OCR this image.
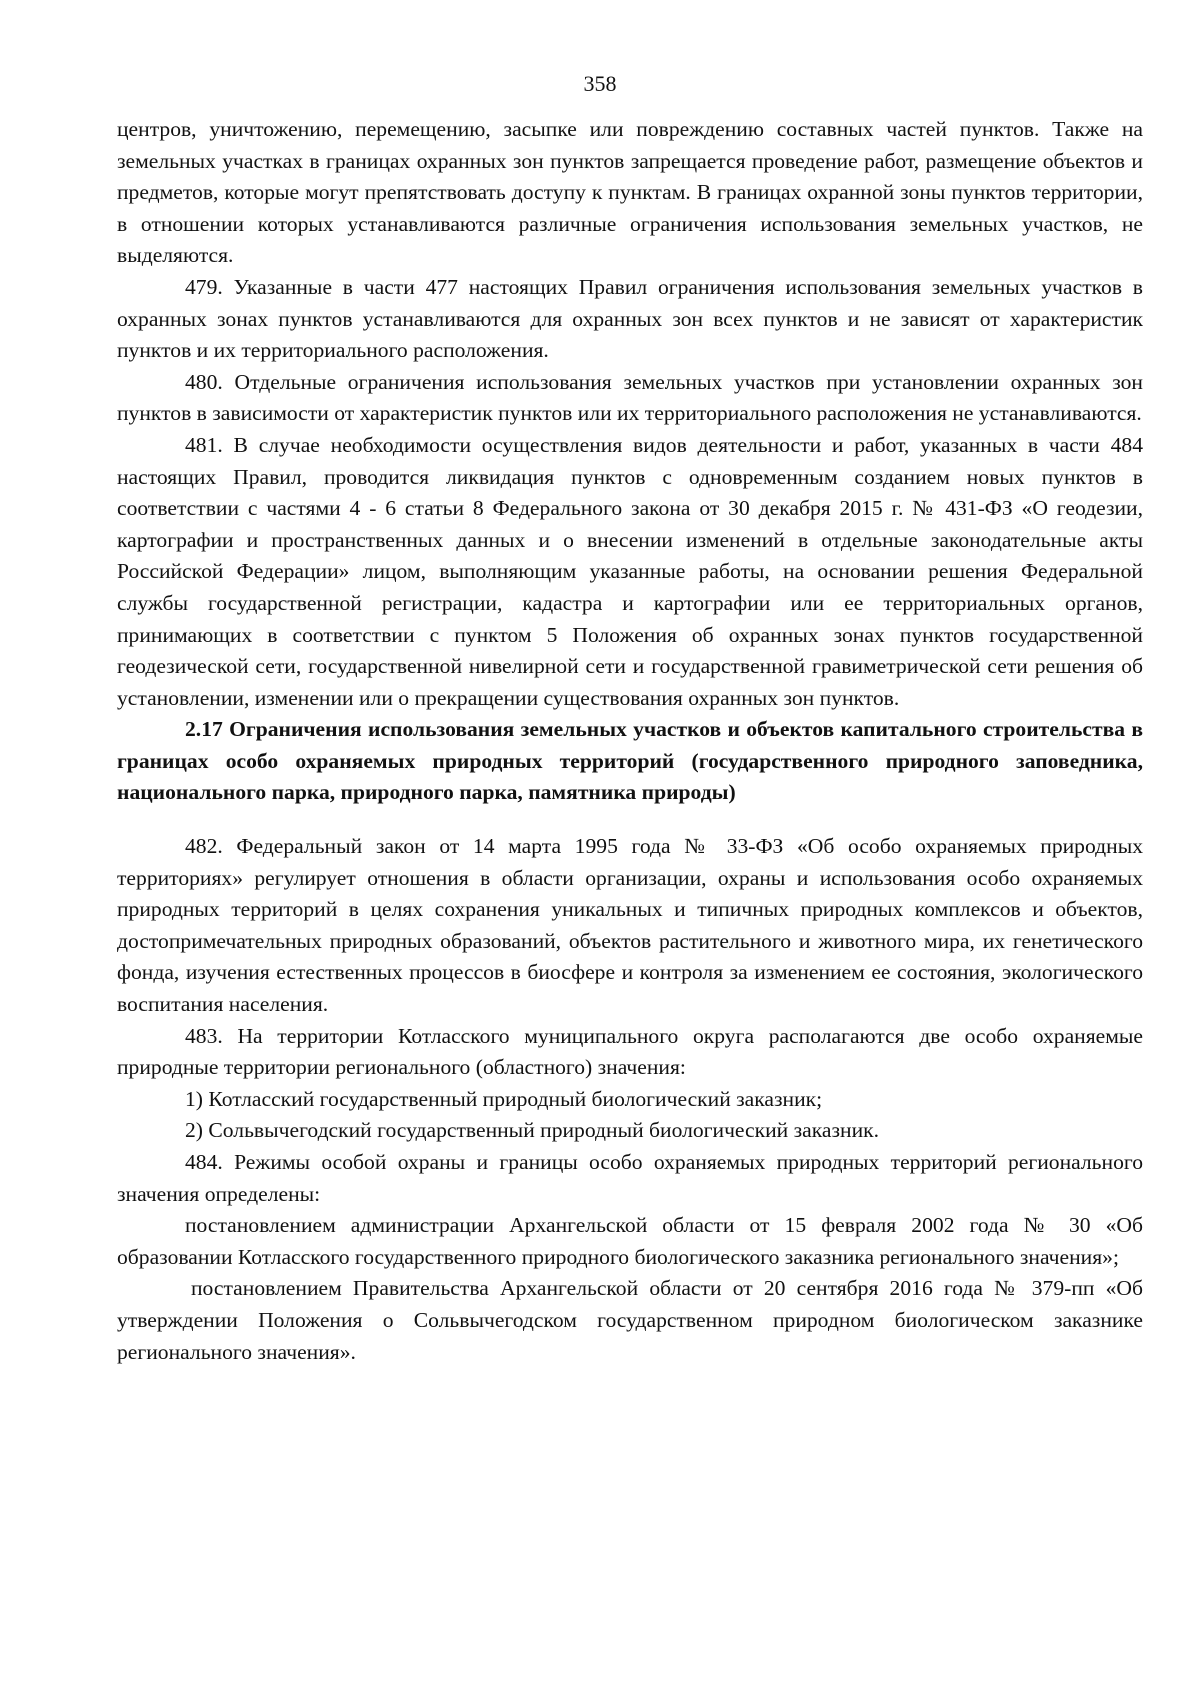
358

центров, уничтожению, перемещению, засыпке или повреждению составных частей пунктов. Также на земельных участках в границах охранных зон пунктов запрещается проведение работ, размещение объектов и предметов, которые могут препятствовать доступу к пунктам. В границах охранной зоны пунктов территории, в отношении которых устанавливаются различные ограничения использования земельных участков, не выделяются.

479. Указанные в части 477 настоящих Правил ограничения использования земельных участков в охранных зонах пунктов устанавливаются для охранных зон всех пунктов и не зависят от характеристик пунктов и их территориального расположения.

480. Отдельные ограничения использования земельных участков при установлении охранных зон пунктов в зависимости от характеристик пунктов или их территориального расположения не устанавливаются.

481. В случае необходимости осуществления видов деятельности и работ, указанных в части 484 настоящих Правил, проводится ликвидация пунктов с одновременным созданием новых пунктов в соответствии с частями 4 - 6 статьи 8 Федерального закона от 30 декабря 2015 г. № 431-ФЗ «О геодезии, картографии и пространственных данных и о внесении изменений в отдельные законодательные акты Российской Федерации» лицом, выполняющим указанные работы, на основании решения Федеральной службы государственной регистрации, кадастра и картографии или ее территориальных органов, принимающих в соответствии с пунктом 5 Положения об охранных зонах пунктов государственной геодезической сети, государственной нивелирной сети и государственной гравиметрической сети решения об установлении, изменении или о прекращении существования охранных зон пунктов.

2.17 Ограничения использования земельных участков и объектов капитального строительства в границах особо охраняемых природных территорий (государственного природного заповедника, национального парка, природного парка, памятника природы)

482. Федеральный закон от 14 марта 1995 года № 33-ФЗ «Об особо охраняемых природных территориях» регулирует отношения в области организации, охраны и использования особо охраняемых природных территорий в целях сохранения уникальных и типичных природных комплексов и объектов, достопримечательных природных образований, объектов растительного и животного мира, их генетического фонда, изучения естественных процессов в биосфере и контроля за изменением ее состояния, экологического воспитания населения.

483. На территории Котласского муниципального округа располагаются две особо охраняемые природные территории регионального (областного) значения:

1) Котласский государственный природный биологический заказник;

2) Сольвычегодский государственный природный биологический заказник.

484. Режимы особой охраны и границы особо охраняемых природных территорий регионального значения определены:

постановлением администрации Архангельской области от 15 февраля 2002 года № 30 «Об образовании Котласского государственного природного биологического заказника регионального значения»;

постановлением Правительства Архангельской области от 20 сентября 2016 года № 379-пп «Об утверждении Положения о Сольвычегодском государственном природном биологическом заказнике регионального значения».
